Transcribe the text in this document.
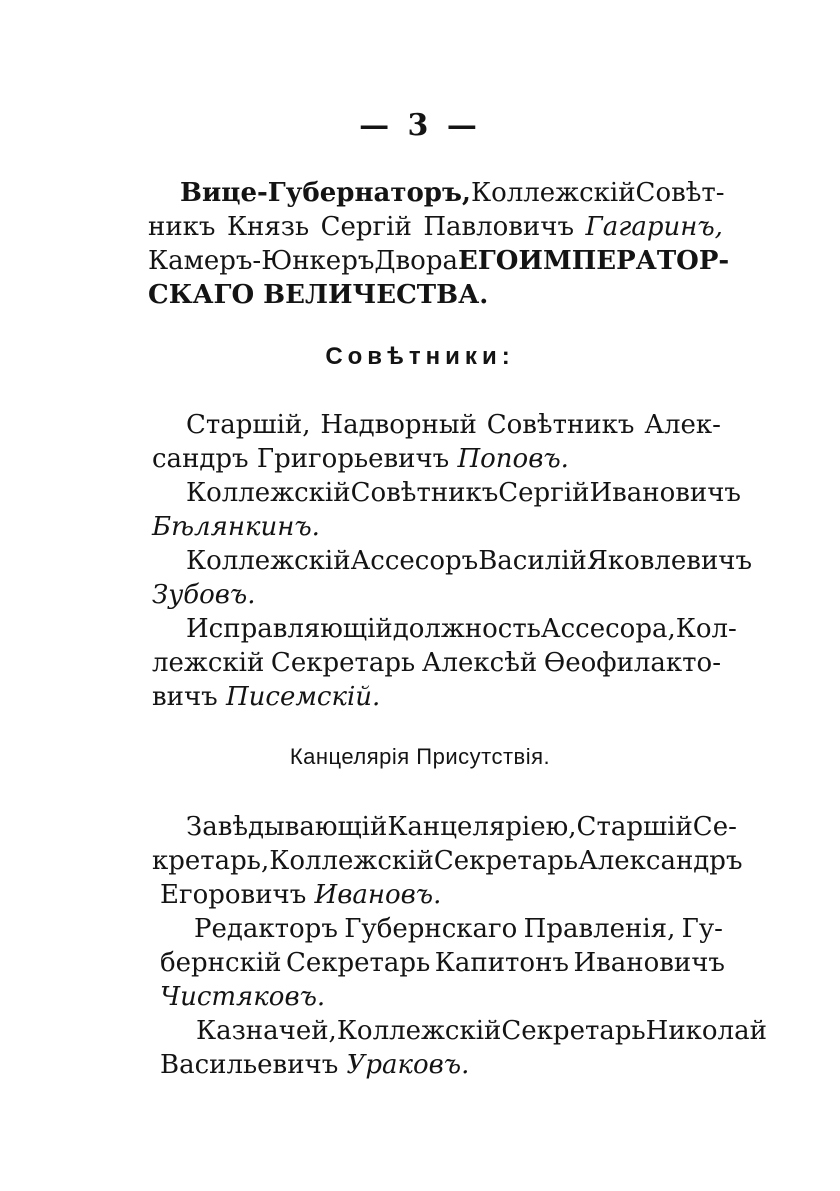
— 3 —
Вице-Губернаторъ, Коллежскій Совѣт-
никъ Князь Сергій Павловичъ Гагаринъ,
Камеръ-Юнкеръ Двора ЕГО ИМПЕРАТОР-
СКАГО ВЕЛИЧЕСТВА.
Совѣтники:
Старшій, Надворный Совѣтникъ Алек-
сандръ Григорьевичъ Поповъ.
Коллежскій Совѣтникъ Сергій Ивановичъ
Бѣлянкинъ.
Коллежскій Ассесоръ Василій Яковлевичъ
Зубовъ.
Исправляющій должность Ассесора, Кол-
лежскій Секретарь Алексѣй Ѳеофилакто-
вичъ Писемскій.
Канцелярія Присутствія.
Завѣдывающій Канцеляріею, Старшій Се-
кретарь, Коллежскій Секретарь Александръ
Егоровичъ Ивановъ.
Редакторъ Губернскаго Правленія, Гу-
бернскій Секретарь Капитонъ Ивановичъ
Чистяковъ.
Казначей, Коллежскій Секретарь Николай
Васильевичъ Ураковъ.
